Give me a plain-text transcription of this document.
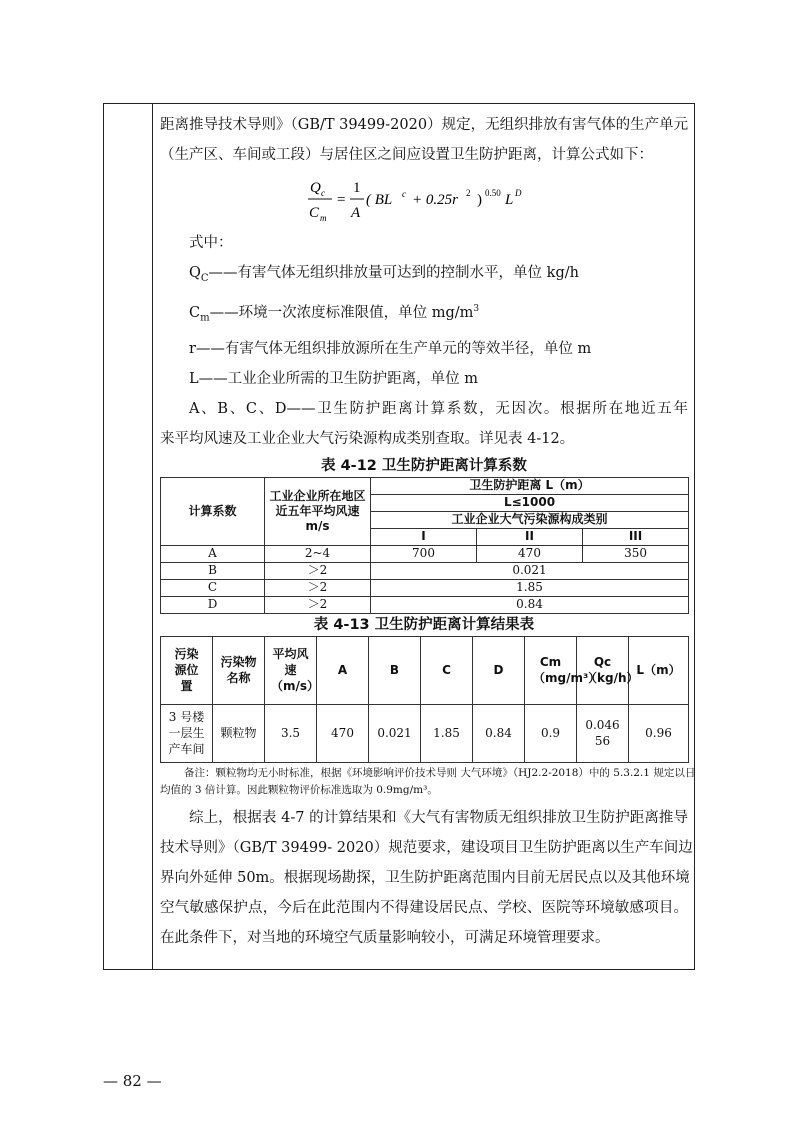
距离推导技术导则》（GB/T 39499-2020）规定，无组织排放有害气体的生产单元

（生产区、车间或工段）与居住区之间应设置卫生防护距离，计算公式如下：

Q c
C m
=
1
A
( BL c + 0.25r 2 ) 0.50 L D

式中：

$Q_C——$有害气体无组织排放量可达到的控制水平，单位 kg/h

$C_m——$环境一次浓度标准限值，单位 $mg/m^3$

r——有害气体无组织排放源所在生产单元的等效半径，单位 m

L——工业企业所需的卫生防护距离，单位 m

A、B、C、D——卫生防护距离计算系数，无因次。根据所在地近五年

来平均风速及工业企业大气污染源构成类别查取。详见表 4-12。

表 4-12 卫生防护距离计算系数

计算系数	工业企业所在地区近五年平均风速 m/s	卫生防护距离 L（m）		
		L≤1000		
		工业企业大气污染源构成类别		
		I	II	III
A	2~4	700	470	350
B	＞2	0.021		
C	＞2	1.85		
D	＞2	0.84		

表 4-13 卫生防护距离计算结果表

污染源位置	污染物名称	平均风速（m/s）	A	B	C	D	Cm（mg/m³）	Qc（kg/h）	L（m）
3 号楼一层生产车间	颗粒物	3.5	470	0.021	1.85	0.84	0.9	0.04656	0.96

备注：颗粒物均无小时标准，根据《环境影响评价技术导则 大气环境》（HJ2.2-2018）中的 5.3.2.1 规定以日

均值的 3 倍计算。因此颗粒物评价标准选取为 0.9mg/m³。

综上，根据表 4-7 的计算结果和《大气有害物质无组织排放卫生防护距离推导

技术导则》（GB/T 39499- 2020）规范要求，建设项目卫生防护距离以生产车间边

界向外延伸 50m。根据现场勘探，卫生防护距离范围内目前无居民点以及其他环境

空气敏感保护点，今后在此范围内不得建设居民点、学校、医院等环境敏感项目。

在此条件下，对当地的环境空气质量影响较小，可满足环境管理要求。

— 82 —
